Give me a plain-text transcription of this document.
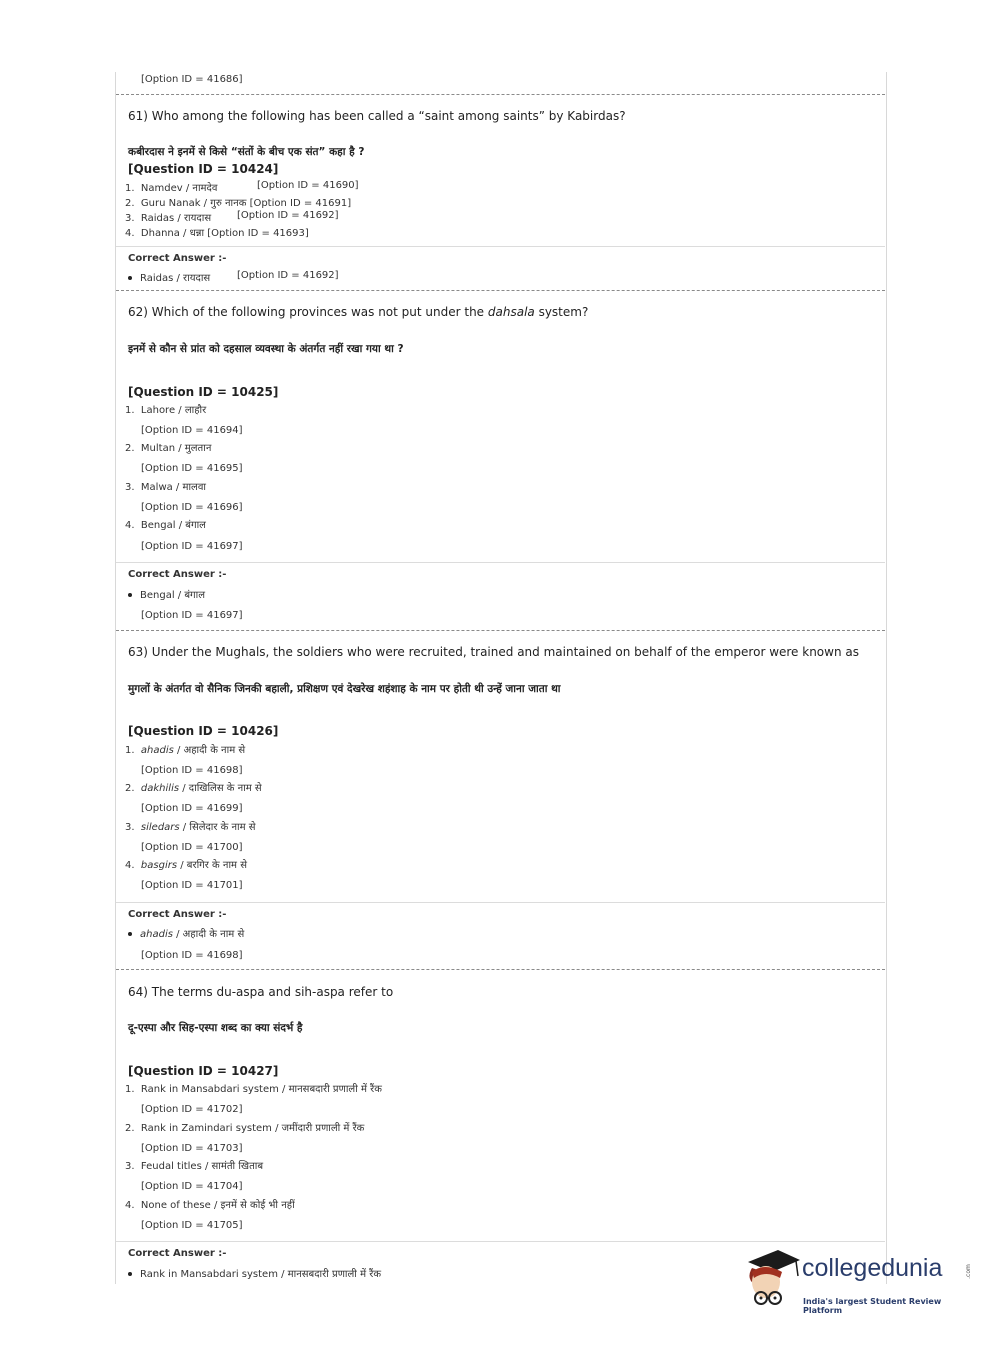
[Option ID = 41686]
61) Who among the following has been called a “saint among saints” by Kabirdas?
कबीरदास ने इनमें से किसे “संतों के बीच एक संत” कहा है ?
[Question ID = 10424]
1. Namdev / नामदेव	[Option ID = 41690]
2. Guru Nanak / गुरु नानक [Option ID = 41691]
3. Raidas / रायदास	[Option ID = 41692]
4. Dhanna / धन्ना [Option ID = 41693]
Correct Answer :-
Raidas / रायदास	[Option ID = 41692]
62) Which of the following provinces was not put under the dahsala system?
इनमें से कौन से प्रांत को दहसाल व्यवस्था के अंतर्गत नहीं रखा गया था ?
[Question ID = 10425]
1. Lahore / लाहौर
[Option ID = 41694]
2. Multan / मुलतान
[Option ID = 41695]
3. Malwa / मालवा
[Option ID = 41696]
4. Bengal / बंगाल
[Option ID = 41697]
Correct Answer :-
Bengal / बंगाल
[Option ID = 41697]
63) Under the Mughals, the soldiers who were recruited, trained and maintained on behalf of the emperor were known as
मुगलों के अंतर्गत वो सैनिक जिनकी बहाली, प्रशिक्षण एवं देखरेख शहंशाह के नाम पर होती थी उन्हें जाना जाता था
[Question ID = 10426]
1. ahadis / अहादी के नाम से
[Option ID = 41698]
2. dakhilis / दाखिलिस के नाम से
[Option ID = 41699]
3. siledars / सिलेदार के नाम से
[Option ID = 41700]
4. basgirs / बरगिर के नाम से
[Option ID = 41701]
Correct Answer :-
ahadis / अहादी के नाम से
[Option ID = 41698]
64) The terms du-aspa and sih-aspa refer to
दू-एस्पा और सिह-एस्पा शब्द का क्या संदर्भ है
[Question ID = 10427]
1. Rank in Mansabdari system / मानसबदारी प्रणाली में रैंक
[Option ID = 41702]
2. Rank in Zamindari system / जमींदारी प्रणाली में रैंक
[Option ID = 41703]
3. Feudal titles / सामंती खिताब
[Option ID = 41704]
4. None of these / इनमें से कोई भी नहीं
[Option ID = 41705]
Correct Answer :-
Rank in Mansabdari system / मानसबदारी प्रणाली में रैंक	collegedunia	.com
India's largest Student Review Platform
